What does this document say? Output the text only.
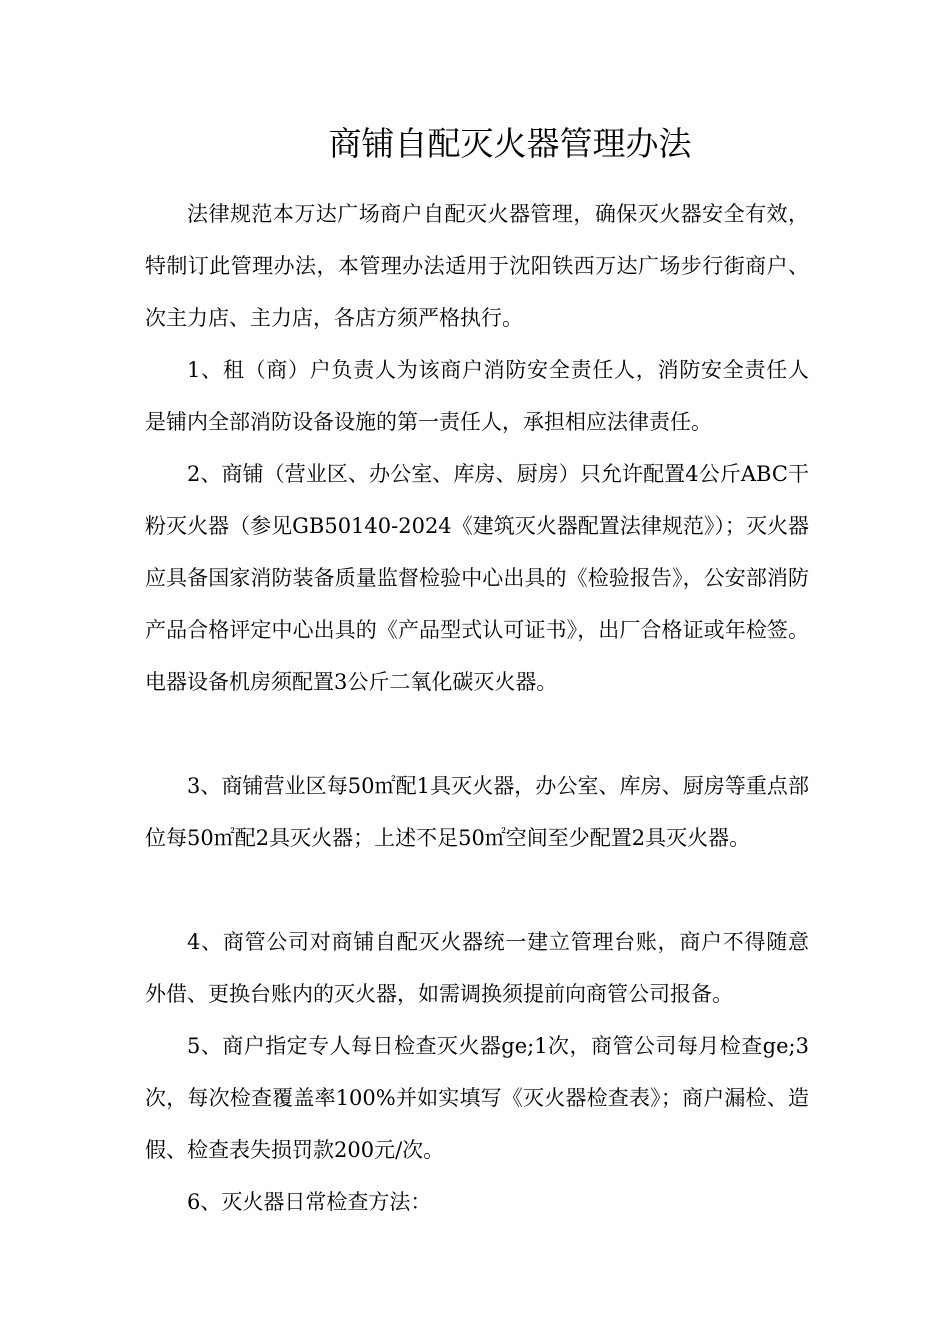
商铺自配灭火器管理办法

法律规范本万达广场商户自配灭火器管理，确保灭火器安全有效，特制订此管理办法，本管理办法适用于沈阳铁西万达广场步行街商户、次主力店、主力店，各店方须严格执行。

1、租（商）户负责人为该商户消防安全责任人，消防安全责任人是铺内全部消防设备设施的第一责任人，承担相应法律责任。

2、商铺（营业区、办公室、库房、厨房）只允许配置4公斤ABC干粉灭火器（参见GB50140-2024《建筑灭火器配置法律规范》）；灭火器应具备国家消防装备质量监督检验中心出具的《检验报告》，公安部消防产品合格评定中心出具的《产品型式认可证书》，出厂合格证或年检签。电器设备机房须配置3公斤二氧化碳灭火器。

3、商铺营业区每50㎡配1具灭火器，办公室、库房、厨房等重点部位每50㎡配2具灭火器；上述不足50㎡空间至少配置2具灭火器。

4、商管公司对商铺自配灭火器统一建立管理台账，商户不得随意外借、更换台账内的灭火器，如需调换须提前向商管公司报备。

5、商户指定专人每日检查灭火器ge;1次，商管公司每月检查ge;3次，每次检查覆盖率100%并如实填写《灭火器检查表》；商户漏检、造假、检查表失损罚款200元/次。

6、灭火器日常检查方法：
